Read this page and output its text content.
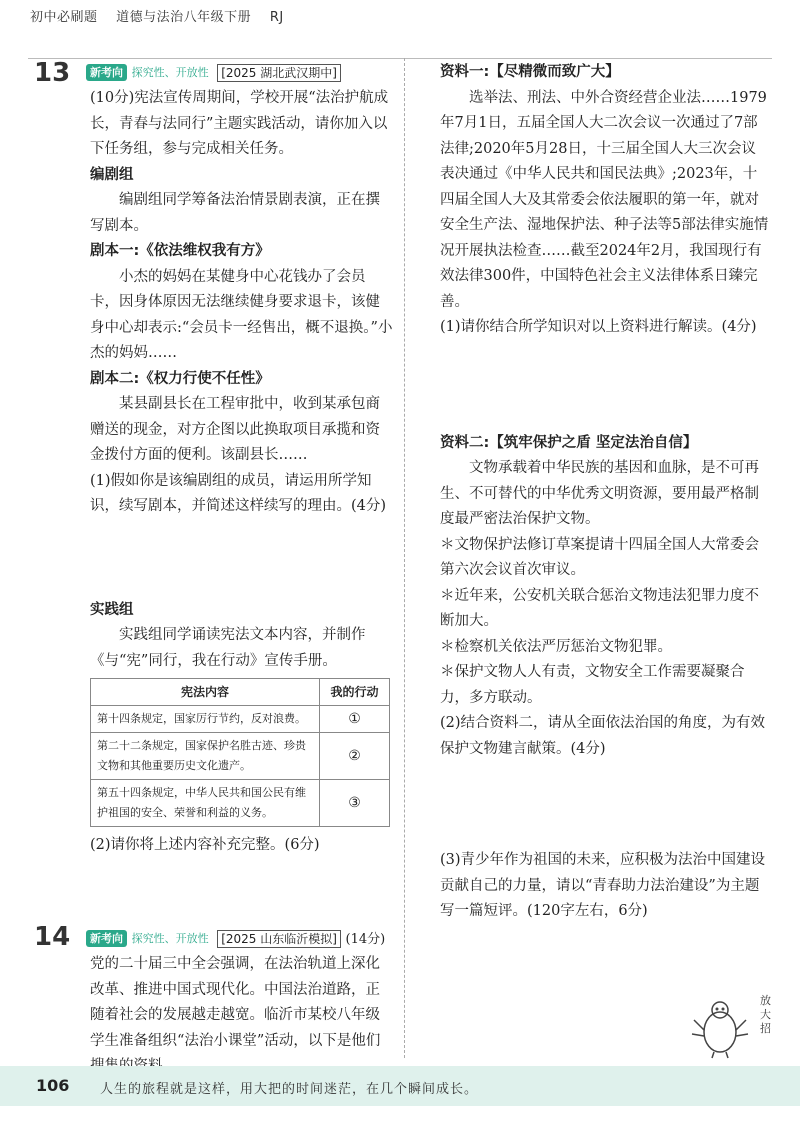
初中必刷题 道德与法治八年级下册 RJ
13	新考向 探究性、开放性 [2025 湖北武汉期中]

(10分)宪法宣传周期间，学校开展“法治护航成长，青春与法同行”主题实践活动，请你加入以下任务组，参与完成相关任务。

编剧组

编剧组同学筹备法治情景剧表演，正在撰写剧本。

剧本一:《依法维权我有方》

小杰的妈妈在某健身中心花钱办了会员卡，因身体原因无法继续健身要求退卡，该健身中心却表示:“会员卡一经售出，概不退换。”小杰的妈妈……

剧本二:《权力行使不任性》

某县副县长在工程审批中，收到某承包商赠送的现金，对方企图以此换取项目承揽和资金拨付方面的便利。该副县长……

(1)假如你是该编剧组的成员，请运用所学知识，续写剧本，并简述这样续写的理由。(4分)

实践组

实践组同学诵读宪法文本内容，并制作《与“宪”同行，我在行动》宣传手册。

宪法内容	我的行动
第十四条规定，国家厉行节约，反对浪费。	①
第二十二条规定，国家保护名胜古迹、珍贵文物和其他重要历史文化遗产。	②
第五十四条规定，中华人民共和国公民有维护祖国的安全、荣誉和利益的义务。	③

(2)请你将上述内容补充完整。(6分)

14	新考向 探究性、开放性 [2025 山东临沂模拟] (14分)

党的二十届三中全会强调，在法治轨道上深化改革、推进中国式现代化。中国法治道路，正随着社会的发展越走越宽。临沂市某校八年级学生准备组织“法治小课堂”活动，以下是他们

资料一:【尽精微而致广大】

选举法、刑法、中外合资经营企业法……1979年7月1日，五届全国人大二次会议一次通过了7部法律;2020年5月28日，十三届全国人大三次会议表决通过《中华人民共和国民法典》;2023年，十四届全国人大及其常委会依法履职的第一年，就对安全生产法、湿地保护法、种子法等5部法律实施情况开展执法检查……截至2024年2月，我国现行有效法律300件，中国特色社会主义法律体系日臻完善。

(1)请你结合所学知识对以上资料进行解读。(4分)

资料二:【筑牢保护之盾 坚定法治自信】

文物承载着中华民族的基因和血脉，是不可再生、不可替代的中华优秀文明资源，要用最严格制度最严密法治保护文物。

＊文物保护法修订草案提请十四届全国人大常委会第六次会议首次审议。

＊近年来，公安机关联合惩治文物违法犯罪力度不断加大。

＊检察机关依法严厉惩治文物犯罪。

＊保护文物人人有责，文物安全工作需要凝聚合力，多方联动。

(2)结合资料二，请从全面依法治国的角度，为有效保护文物建言献策。(4分)

(3)青少年作为祖国的未来，应积极为法治中国建设贡献自己的力量，请以“青春助力法治建设”为主题写一篇短评。(120字左右，6分)

放
大
招
106 人生的旅程就是这样，用大把的时间迷茫，在几个瞬间成长。
